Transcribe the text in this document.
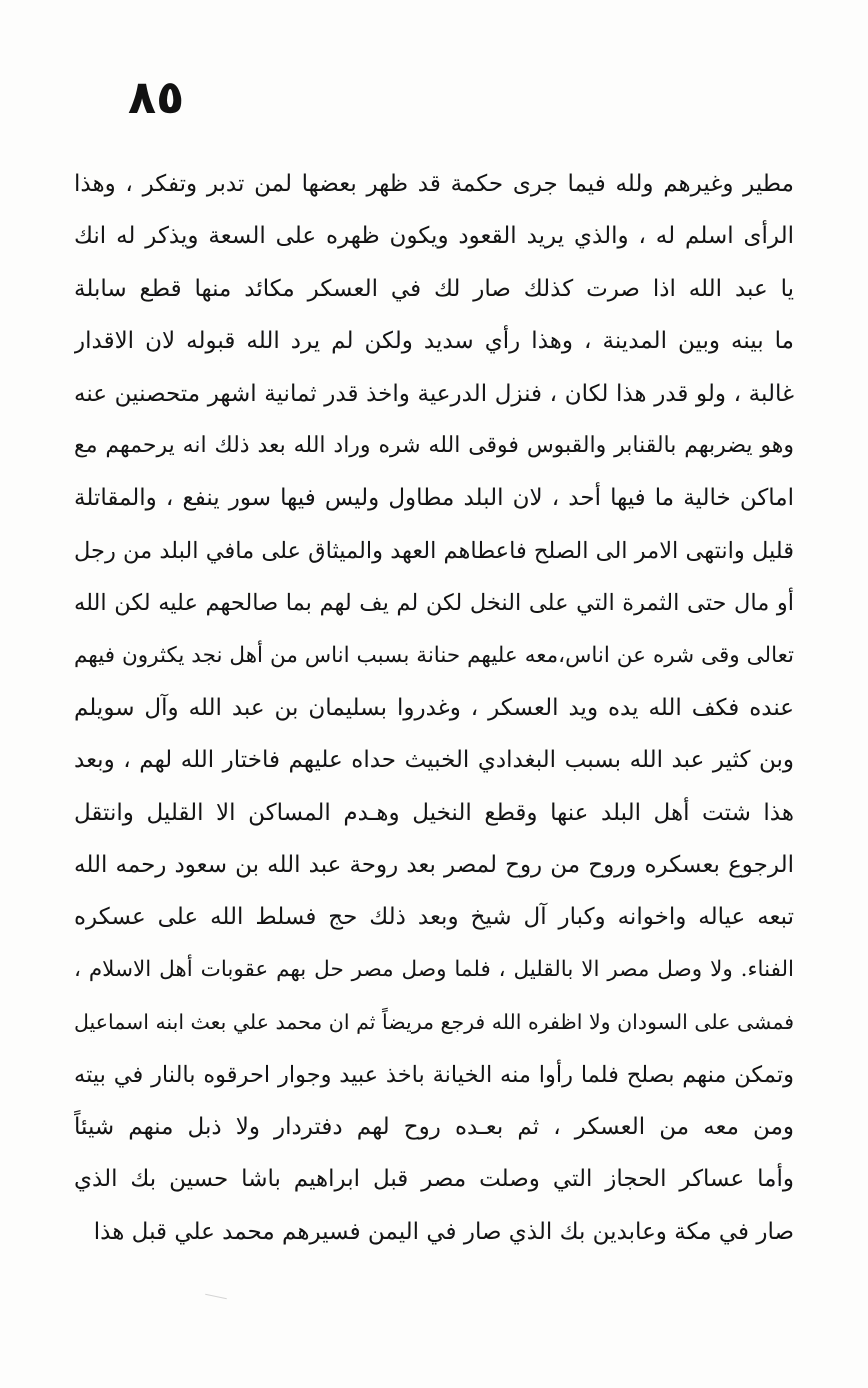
٨٥
مطير وغيرهم ولله فيما جرى حكمة قد ظهر بعضها لمن تدبر وتفكر ، وهذا
الرأى اسلم له ، والذي يريد القعود ويكون ظهره على السعة ويذكر له انك
يا عبد الله اذا صرت كذلك صار لك في العسكر مكائد منها قطع سابلة
ما بينه وبين المدينة ، وهذا رأي سديد ولكن لم يرد الله قبوله لان الاقدار
غالبة ، ولو قدر هذا لكان ، فنزل الدرعية واخذ قدر ثمانية اشهر متحصنين عنه
وهو يضربهم بالقنابر والقبوس فوقى الله شره وراد الله بعد ذلك انه يرحمهم مع
اماكن خالية ما فيها أحد ، لان البلد مطاول وليس فيها سور ينفع ، والمقاتلة
قليل وانتهى الامر الى الصلح فاعطاهم العهد والميثاق على مافي البلد من رجل
أو مال حتى الثمرة التي على النخل لكن لم يف لهم بما صالحهم عليه لكن الله
تعالى وقى شره عن اناس،معه عليهم حنانة بسبب اناس من أهل نجد يكثرون فيهم
عنده فكف الله يده ويد العسكر ، وغدروا بسليمان بن عبد الله وآل سويلم
وبن كثير عبد الله بسبب البغدادي الخبيث حداه عليهم فاختار الله لهم ، وبعد
هذا شتت أهل البلد عنها وقطع النخيل وهـدم المساكن الا القليل وانتقل
الرجوع بعسكره وروح من روح لمصر بعد روحة عبد الله بن سعود رحمه الله
تبعه عياله واخوانه وكبار آل شيخ وبعد ذلك حج فسلط الله على عسكره
الفناء. ولا وصل مصر الا بالقليل ، فلما وصل مصر حل بهم عقوبات أهل الاسلام ،
فمشى على السودان ولا اظفره الله فرجع مريضاً ثم ان محمد علي بعث ابنه اسماعيل
وتمكن منهم بصلح فلما رأوا منه الخيانة باخذ عبيد وجوار احرقوه بالنار في بيته
ومن معه من العسكر ، ثم بعـده روح لهم دفتردار ولا ذبل منهم شيئاً
وأما عساكر الحجاز التي وصلت مصر قبل ابراهيم باشا حسين بك الذي
صار في مكة وعابدين بك الذي صار في اليمن فسيرهم محمد علي قبل هذا
